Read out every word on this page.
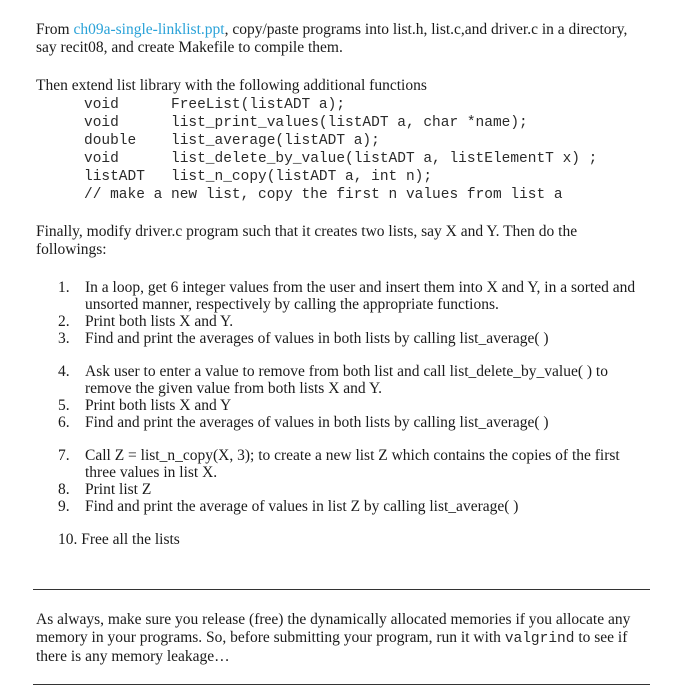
From ch09a-single-linklist.ppt, copy/paste programs into list.h, list.c,and driver.c in a directory, say recit08, and create Makefile to compile them.
Then extend list library with the following additional functions
void	FreeList(listADT a);
void	list_print_values(listADT a, char *name);
double list_average(listADT a);
void	list_delete_by_value(listADT a, listElementT x) ;
listADT list_n_copy(listADT a, int n);
// make a new list, copy the first n values from list a
Finally, modify driver.c program such that it creates two lists, say X and Y. Then do the followings:
1. In a loop, get 6 integer values from the user and insert them into X and Y, in a sorted and unsorted manner, respectively by calling the appropriate functions.
2. Print both lists X and Y.
3. Find and print the averages of values in both lists by calling list_average( )
4. Ask user to enter a value to remove from both list and call list_delete_by_value( ) to remove the given value from both lists X and Y.
5. Print both lists X and Y
6. Find and print the averages of values in both lists by calling list_average( )
7. Call Z = list_n_copy(X, 3); to create a new list Z which contains the copies of the first three values in list X.
8. Print list Z
9. Find and print the average of values in list Z by calling list_average( )
10. Free all the lists
As always, make sure you release (free) the dynamically allocated memories if you allocate any memory in your programs. So, before submitting your program, run it with valgrind to see if there is any memory leakage…
